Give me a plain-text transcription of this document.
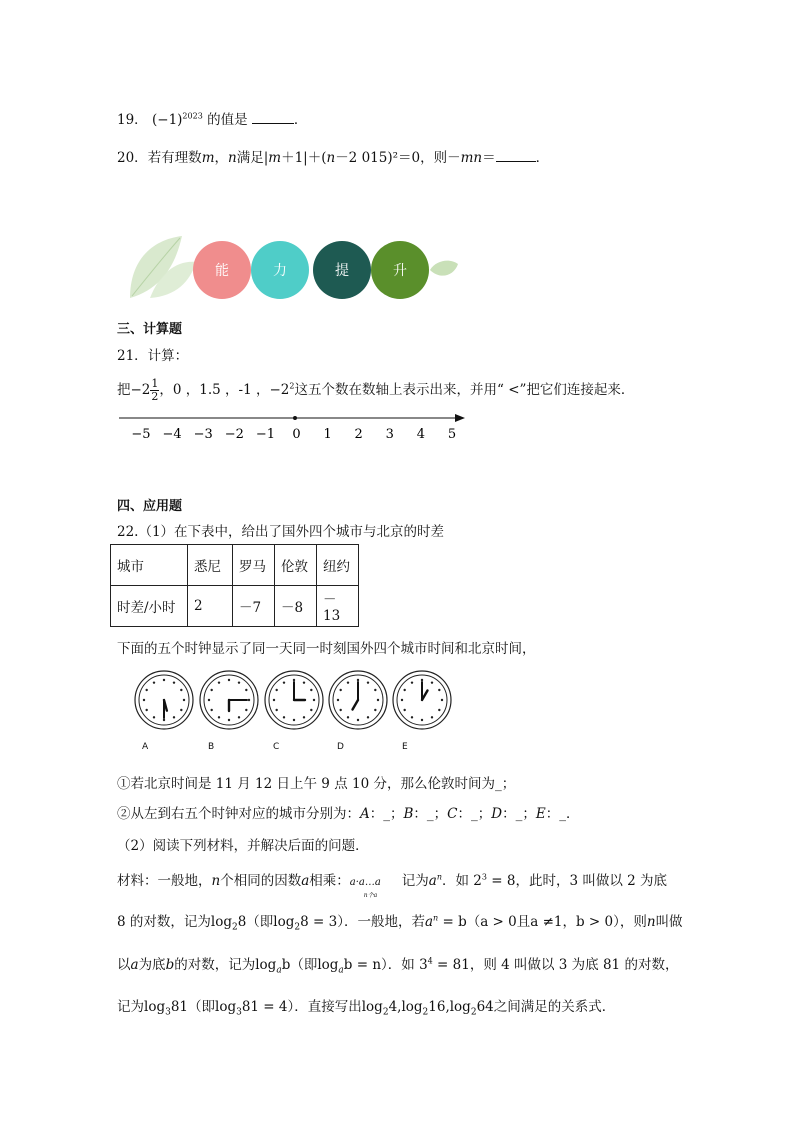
19． $(-1)^{2023}$ 的值是	．
20．若有理数m，n满足|m＋1|＋(n－2 015)²＝0，则－mn＝	．
能	力	提	升
三、计算题
21．计算：
把$-2 \frac{1}{2}$ ，0 ，1.5 ，-1 ，$-2^2$这五个数在数轴上表示出来，并用“ <”把它们连接起来．
−5 −4 −3 −2 −1 0 1 2 3 4 5
四、应用题
22.（1）在下表中，给出了国外四个城市与北京的时差
城市	悉尼	罗马	伦敦	纽约
时差/小时	2	－7	－8	－13
下面的五个时钟显示了同一天同一时刻国外四个城市时间和北京时间，
A	B	C	D	E
①若北京时间是 11 月 12 日上午 9 点 10 分，那么伦敦时间为_；
②从左到右五个时钟对应的城市分别为：A：_；B：_；C：_；D：_；E：_．
（2）阅读下列材料，并解决后面的问题．
材料：一般地，n个相同的因数a相乘：a·a…a
n个a
记为$a^n$．如 $2^3 = 8$，此时，3 叫做以 2 为底
8 的对数，记为$\log_28$（即$\log_28 = 3$）．一般地，若$a^n = b(a > 0$且a ≠1，b > 0），则n叫做
以a为底b的对数，记为$\log_ab$（即$\log_ab = n$）．如 $3^4 = 81$，则 4 叫做以 3 为底 81 的对数，
记为$\log_381$（即$\log_381 = 4$）．直接写出$\log_24,\log_216,\log_264$之间满足的关系式．
